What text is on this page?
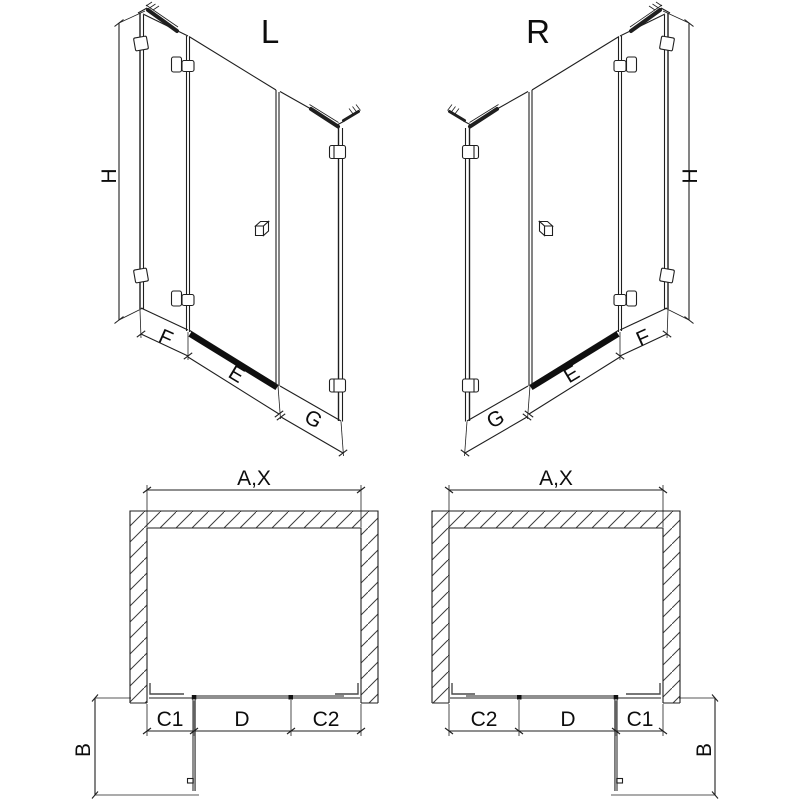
L
H
F
E
G
R
H
G
E
F
A,X
C1 D	C2
B
A,X
C2	D C1
B
